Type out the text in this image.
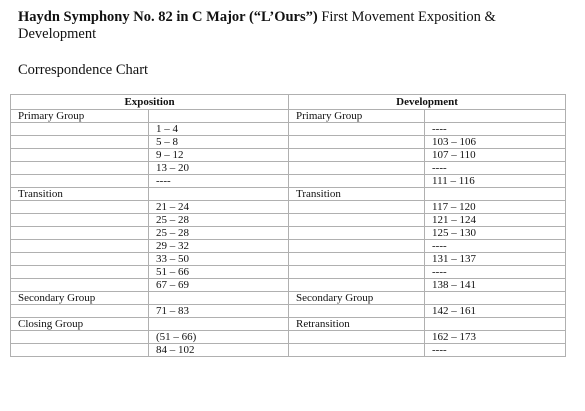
Haydn Symphony No. 82 in C Major (“L’Ours”) First Movement Exposition & Development
Correspondence Chart
Exposition		Development	
Primary Group		Primary Group	
	1 – 4		----
	5 – 8		103 – 106
	9 – 12		107 – 110
	13 – 20		----
	----		111 – 116
Transition		Transition	
	21 – 24		117 – 120
	25 – 28		121 – 124
	25 – 28		125 – 130
	29 – 32		----
	33 – 50		131 – 137
	51 – 66		----
	67 – 69		138 – 141
Secondary Group		Secondary Group	
	71 – 83		142 – 161
Closing Group		Retransition	
	(51 – 66)		162 – 173
	84 – 102		----
